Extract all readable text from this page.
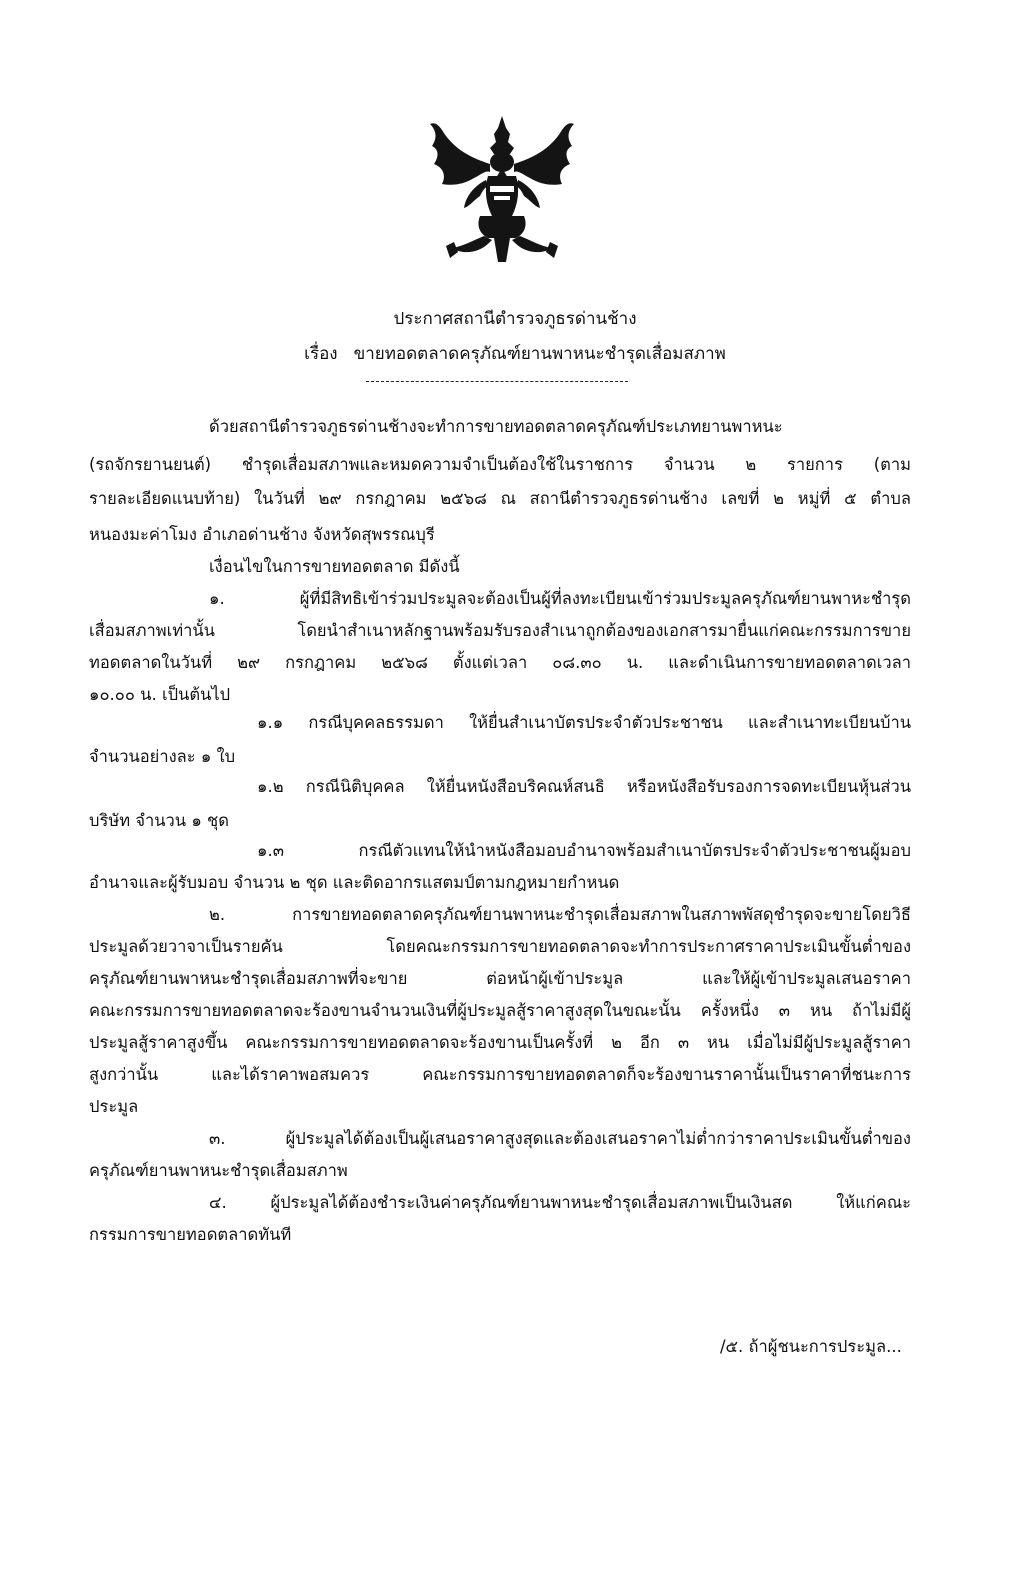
ประกาศสถานีตำรวจภูธรด่านช้าง
เรื่อง ขายทอดตลาดครุภัณฑ์ยานพาหนะชำรุดเสื่อมสภาพ
ด้วยสถานีตำรวจภูธรด่านช้างจะทำการขายทอดตลาดครุภัณฑ์ประเภทยานพาหนะ
(รถจักรยานยนต์) ชำรุดเสื่อมสภาพและหมดความจำเป็นต้องใช้ในราชการ จำนวน ๒ รายการ (ตาม
รายละเอียดแนบท้าย) ในวันที่ ๒๙ กรกฎาคม ๒๕๖๘ ณ สถานีตำรวจภูธรด่านช้าง เลขที่ ๒ หมู่ที่ ๕ ตำบล
หนองมะค่าโมง อำเภอด่านช้าง จังหวัดสุพรรณบุรี
เงื่อนไขในการขายทอดตลาด มีดังนี้
๑. ผู้ที่มีสิทธิเข้าร่วมประมูลจะต้องเป็นผู้ที่ลงทะเบียนเข้าร่วมประมูลครุภัณฑ์ยานพาหะชำรุด
เสื่อมสภาพเท่านั้น โดยนำสำเนาหลักฐานพร้อมรับรองสำเนาถูกต้องของเอกสารมายื่นแก่คณะกรรมการขาย
ทอดตลาดในวันที่ ๒๙ กรกฎาคม ๒๕๖๘ ตั้งแต่เวลา ๐๘.๓๐ น. และดำเนินการขายทอดตลาดเวลา
๑๐.๐๐ น. เป็นต้นไป
๑.๑ กรณีบุคคลธรรมดา ให้ยื่นสำเนาบัตรประจำตัวประชาชน และสำเนาทะเบียนบ้าน
จำนวนอย่างละ ๑ ใบ
๑.๒ กรณีนิติบุคคล ให้ยื่นหนังสือบริคณห์สนธิ หรือหนังสือรับรองการจดทะเบียนหุ้นส่วน
บริษัท จำนวน ๑ ชุด
๑.๓ กรณีตัวแทนให้นำหนังสือมอบอำนาจพร้อมสำเนาบัตรประจำตัวประชาชนผู้มอบ
อำนาจและผู้รับมอบ จำนวน ๒ ชุด และติดอากรแสตมป์ตามกฎหมายกำหนด
๒. การขายทอดตลาดครุภัณฑ์ยานพาหนะชำรุดเสื่อมสภาพในสภาพพัสดุชำรุดจะขายโดยวิธี
ประมูลด้วยวาจาเป็นรายคัน โดยคณะกรรมการขายทอดตลาดจะทำการประกาศราคาประเมินขั้นต่ำของ
ครุภัณฑ์ยานพาหนะชำรุดเสื่อมสภาพที่จะขาย ต่อหน้าผู้เข้าประมูล และให้ผู้เข้าประมูลเสนอราคา
คณะกรรมการขายทอดตลาดจะร้องขานจำนวนเงินที่ผู้ประมูลสู้ราคาสูงสุดในขณะนั้น ครั้งหนึ่ง ๓ หน ถ้าไม่มีผู้
ประมูลสู้ราคาสูงขึ้น คณะกรรมการขายทอดตลาดจะร้องขานเป็นครั้งที่ ๒ อีก ๓ หน เมื่อไม่มีผู้ประมูลสู้ราคา
สูงกว่านั้น และได้ราคาพอสมควร คณะกรรมการขายทอดตลาดก็จะร้องขานราคานั้นเป็นราคาที่ชนะการ
ประมูล
๓. ผู้ประมูลได้ต้องเป็นผู้เสนอราคาสูงสุดและต้องเสนอราคาไม่ต่ำกว่าราคาประเมินขั้นต่ำของ
ครุภัณฑ์ยานพาหนะชำรุดเสื่อมสภาพ
๔. ผู้ประมูลได้ต้องชำระเงินค่าครุภัณฑ์ยานพาหนะชำรุดเสื่อมสภาพเป็นเงินสด ให้แก่คณะ
กรรมการขายทอดตลาดทันที
/๕. ถ้าผู้ชนะการประมูล...
